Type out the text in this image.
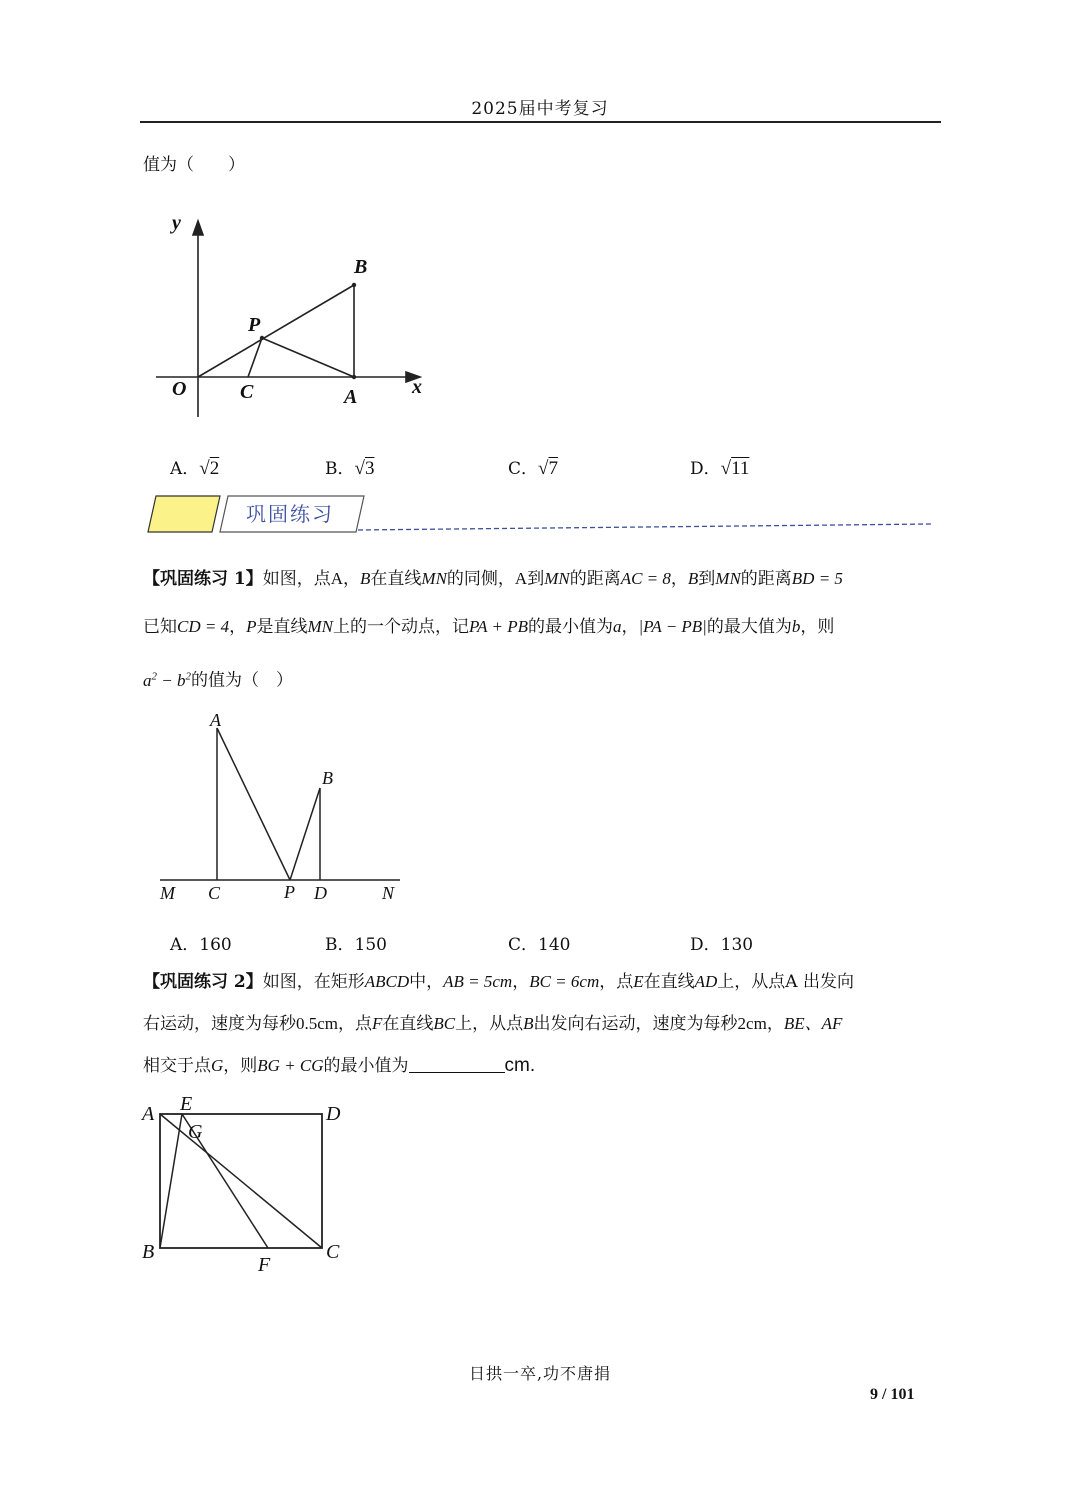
2025届中考复习
值为（　　）
y
x
O	C	A
P
B
A．√2	B．√3	C．√7	D．√11
巩固练习
【巩固练习 1】如图，点A，B在直线MN的同侧，A到MN的距离AC = 8，B到MN的距离BD = 5
已知CD = 4，P是直线MN上的一个动点，记PA + PB的最小值为a，|PA − PB|的最大值为b，则
$a^2 - b^2$的值为（　）
A
B
M C	P D	N
A．160	B．150	C．140	D．130
【巩固练习 2】如图，在矩形ABCD中，AB = 5cm，BC = 6cm，点E在直线AD上，从点A 出发向
右运动，速度为每秒0.5cm，点F在直线BC上，从点B出发向右运动，速度为每秒2cm，BE、AF
相交于点G，则BG + CG的最小值为	cm.
A E	D
G
B
F
C
日拱一卒,功不唐捐
9 / 101
